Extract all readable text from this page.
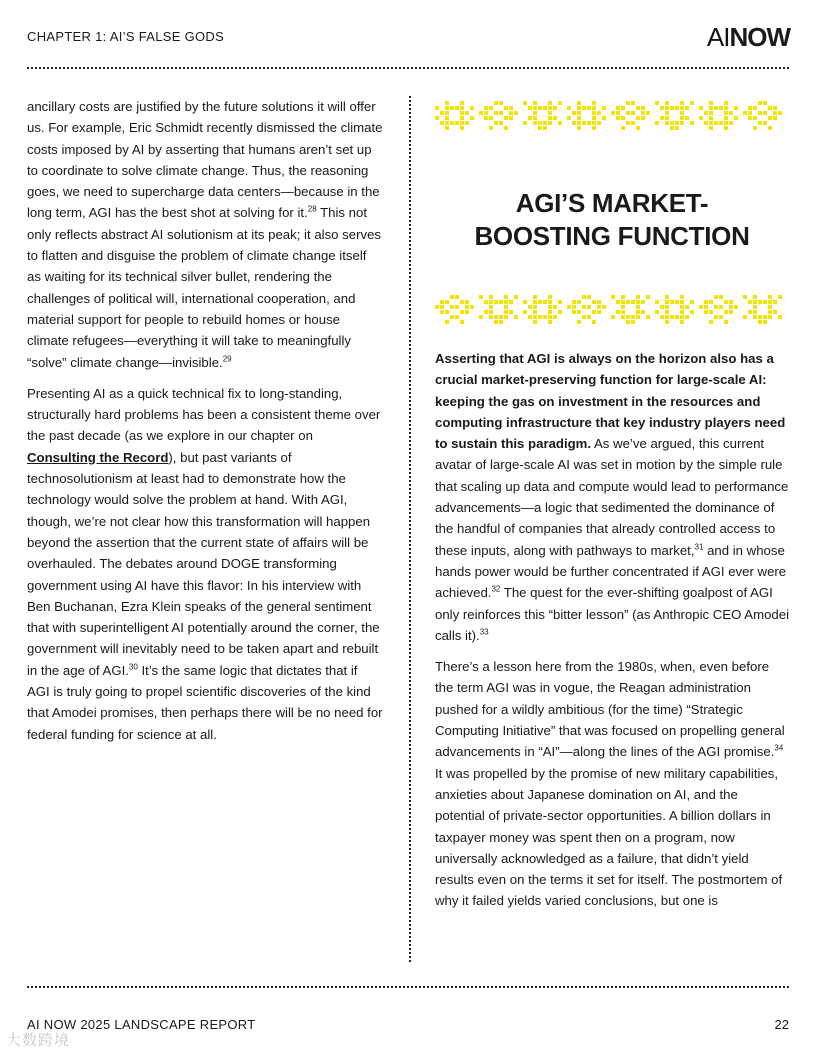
CHAPTER 1: AI’S FALSE GODS	AINOW

ancillary costs are justified by the future solutions it will offer us. For example, Eric Schmidt recently dismissed the climate costs imposed by AI by asserting that humans aren’t set up to coordinate to solve climate change. Thus, the reasoning goes, we need to supercharge data centers—because in the long term, AGI has the best shot at solving for it.$^{28}$ This not only reflects abstract AI solutionism at its peak; it also serves to flatten and disguise the problem of climate change itself as waiting for its technical silver bullet, rendering the challenges of political will, international cooperation, and material support for people to rebuild homes or house climate refugees—everything it will take to meaningfully “solve” climate change—invisible.$^{29}$

Presenting AI as a quick technical fix to long-standing, structurally hard problems has been a consistent theme over the past decade (as we explore in our chapter on Consulting the Record), but past variants of technosolutionism at least had to demonstrate how the technology would solve the problem at hand. With AGI, though, we’re not clear how this transformation will happen beyond the assertion that the current state of affairs will be overhauled. The debates around DOGE transforming government using AI have this flavor: In his interview with Ben Buchanan, Ezra Klein speaks of the general sentiment that with superintelligent AI potentially around the corner, the government will inevitably need to be taken apart and rebuilt in the age of AGI.$^{30}$ It’s the same logic that dictates that if AGI is truly going to propel scientific discoveries of the kind that Amodei promises, then perhaps there will be no need for federal funding for science at all.

AGI’S MARKET-
BOOSTING FUNCTION

Asserting that AGI is always on the horizon also has a crucial market-preserving function for large-scale AI: keeping the gas on investment in the resources and computing infrastructure that key industry players need to sustain this paradigm. As we’ve argued, this current avatar of large-scale AI was set in motion by the simple rule that scaling up data and compute would lead to performance advancements—a logic that sedimented the dominance of the handful of companies that already controlled access to these inputs, along with pathways to market,$^{31}$ and in whose hands power would be further concentrated if AGI ever were achieved.$^{32}$ The quest for the ever-shifting goalpost of AGI only reinforces this “bitter lesson” (as Anthropic CEO Amodei calls it).$^{33}$

There’s a lesson here from the 1980s, when, even before the term AGI was in vogue, the Reagan administration pushed for a wildly ambitious (for the time) “Strategic Computing Initiative” that was focused on propelling general advancements in “AI”—along the lines of the AGI promise.$^{34}$ It was propelled by the promise of new military capabilities, anxieties about Japanese domination on AI, and the potential of private-sector opportunities. A billion dollars in taxpayer money was spent then on a program, now universally acknowledged as a failure, that didn’t yield results even on the terms it set for itself. The postmortem of why it failed yields varied conclusions, but one is

AI NOW 2025 LANDSCAPE REPORT	22
大数跨境
